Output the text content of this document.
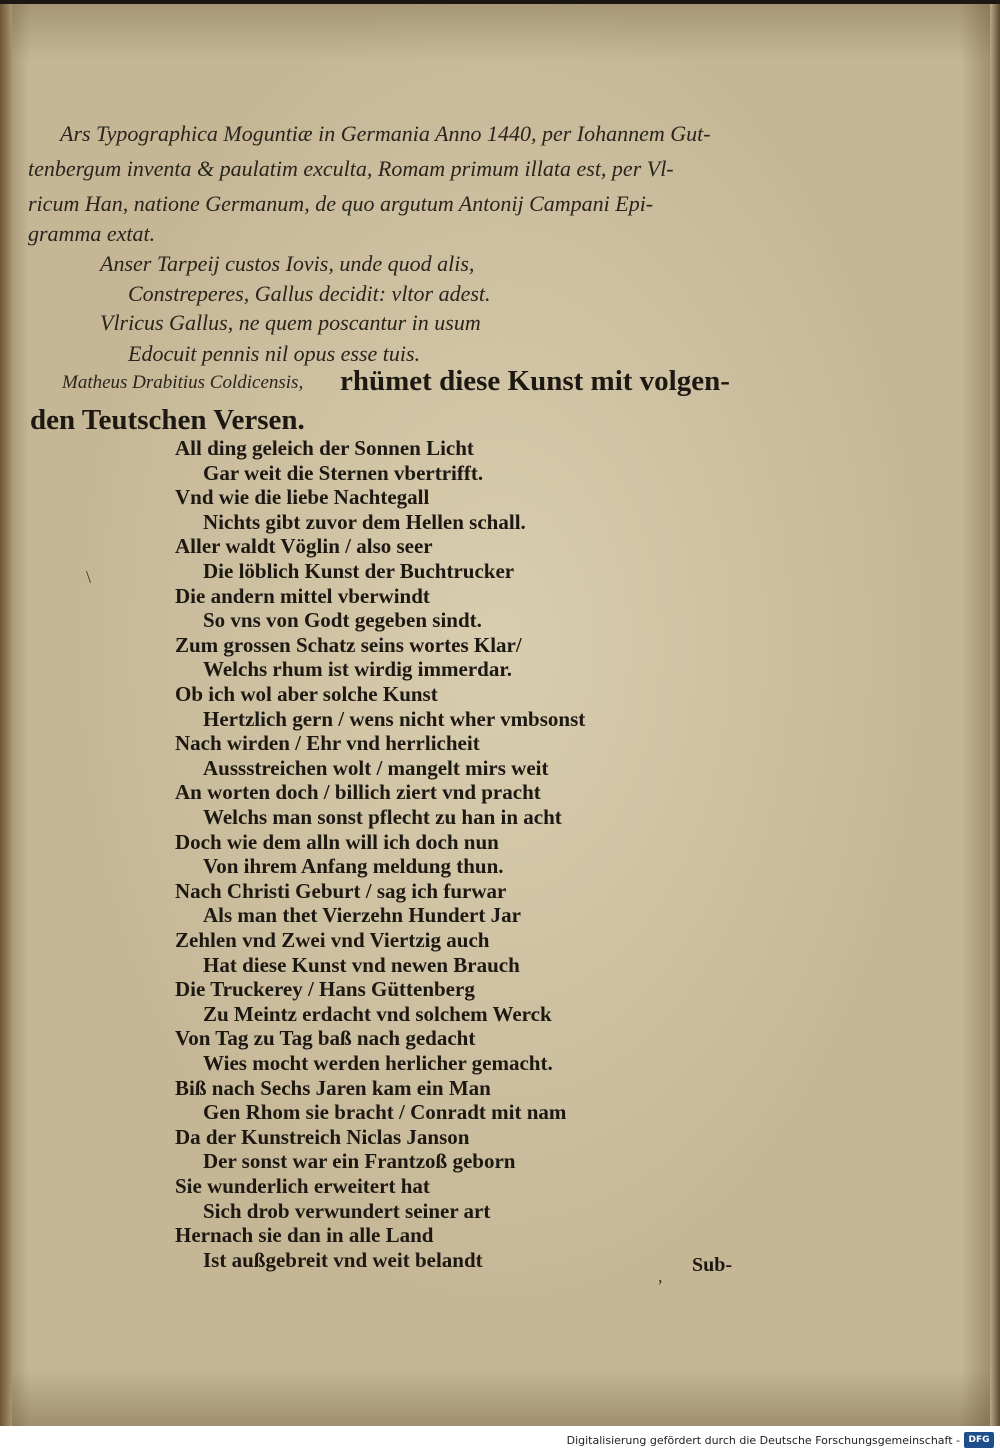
Ars Typographica Moguntiæ in Germania Anno 1440, per Iohannem Gut-
tenbergum inventa & paulatim exculta, Romam primum illata est, per Vl-
ricum Han, natione Germanum, de quo argutum Antonij Campani Epi-
gramma extat.
Anser Tarpeij custos Iovis, unde quod alis,
Constreperes, Gallus decidit: vltor adest.
Vlricus Gallus, ne quem poscantur in usum
Edocuit pennis nil opus esse tuis.
Matheus Drabitius Coldicensis, rhümet diese Kunst mit volgen-
den Teutschen Versen.
Sub-
\
,
All ding geleich der Sonnen Licht
Gar weit die Sternen vbertrifft.
Vnd wie die liebe Nachtegall
Nichts gibt zuvor dem Hellen schall.
Aller waldt Vöglin / also seer
Die löblich Kunst der Buchtrucker
Die andern mittel vberwindt
So vns von Godt gegeben sindt.
Zum grossen Schatz seins wortes Klar/
Welchs rhum ist wirdig immerdar.
Ob ich wol aber solche Kunst
Hertzlich gern / wens nicht wher vmbsonst
Nach wirden / Ehr vnd herrlicheit
Aussstreichen wolt / mangelt mirs weit
An worten doch / billich ziert vnd pracht
Welchs man sonst pflecht zu han in acht
Doch wie dem alln will ich doch nun
Von ihrem Anfang meldung thun.
Nach Christi Geburt / sag ich furwar
Als man thet Vierzehn Hundert Jar
Zehlen vnd Zwei vnd Viertzig auch
Hat diese Kunst vnd newen Brauch
Die Truckerey / Hans Güttenberg
Zu Meintz erdacht vnd solchem Werck
Von Tag zu Tag baß nach gedacht
Wies mocht werden herlicher gemacht.
Biß nach Sechs Jaren kam ein Man
Gen Rhom sie bracht / Conradt mit nam
Da der Kunstreich Niclas Janson
Der sonst war ein Frantzoß geborn
Sie wunderlich erweitert hat
Sich drob verwundert seiner art
Hernach sie dan in alle Land
Ist außgebreit vnd weit belandt
Digitalisierung gefördert durch die Deutsche Forschungsgemeinschaft - DFG
